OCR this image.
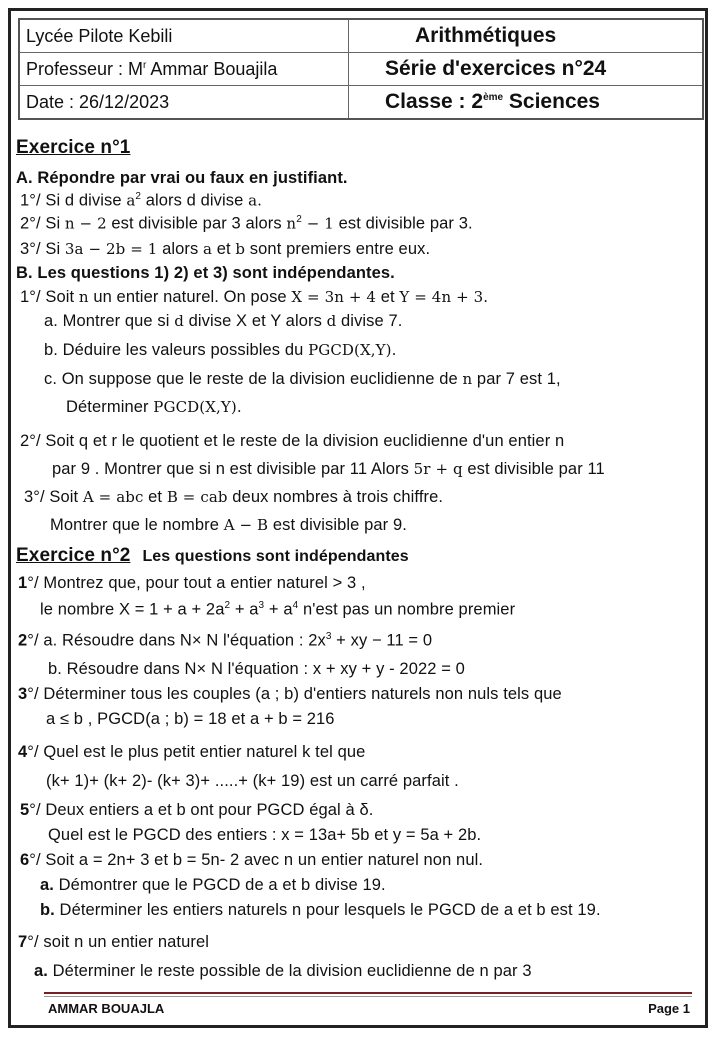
Lycée Pilote Kebili	Arithmétiques
Professeur : $M^r$ Ammar Bouajila	Série d'exercices n°24
Date : 26/12/2023	Classe : 2ème Sciences
Exercice n°1
A. Répondre par vrai ou faux en justifiant.
1°/ Si d divise $a^2$ alors d divise a.
2°/ Si n − 2 est divisible par 3 alors $n^2 - 1$ est divisible par 3.
3°/ Si 3a − 2b = 1 alors a et b sont premiers entre eux.
B. Les questions 1) 2) et 3) sont indépendantes.
1°/ Soit n un entier naturel. On pose X = 3n + 4 et Y = 4n + 3.
a. Montrer que si d divise X et Y alors d divise 7.
b. Déduire les valeurs possibles du PGCD(X,Y).
c. On suppose que le reste de la division euclidienne de n par 7 est 1,
Déterminer PGCD(X,Y).
2°/ Soit q et r le quotient et le reste de la division euclidienne d'un entier n
par 9 . Montrer que si n est divisible par 11 Alors 5r + q est divisible par 11
3°/ Soit A = abc et B = cab deux nombres à trois chiffre.
Montrer que le nombre A − B est divisible par 9.
Exercice n°2 Les questions sont indépendantes
1°/ Montrez que, pour tout a entier naturel > 3 ,
le nombre $X = 1 + a + 2a^2 + a^3 + a^4$ n'est pas un nombre premier
2°/ a. Résoudre dans N× N l'équation : $2x^3$ + xy − 11 = 0
b. Résoudre dans N× N l'équation : x + xy + y - 2022 = 0
3°/ Déterminer tous les couples (a ; b) d'entiers naturels non nuls tels que
a ≤ b , PGCD(a ; b) = 18 et a + b = 216
4°/ Quel est le plus petit entier naturel k tel que
(k+ 1)+ (k+ 2)- (k+ 3)+ .....+ (k+ 19) est un carré parfait .
5°/ Deux entiers a et b ont pour PGCD égal à δ.
Quel est le PGCD des entiers : x = 13a+ 5b et y = 5a + 2b.
6°/ Soit a = 2n+ 3 et b = 5n- 2 avec n un entier naturel non nul.
a. Démontrer que le PGCD de a et b divise 19.
b. Déterminer les entiers naturels n pour lesquels le PGCD de a et b est 19.
7°/ soit n un entier naturel
a. Déterminer le reste possible de la division euclidienne de n par 3
AMMAR BOUAJLA	Page 1
